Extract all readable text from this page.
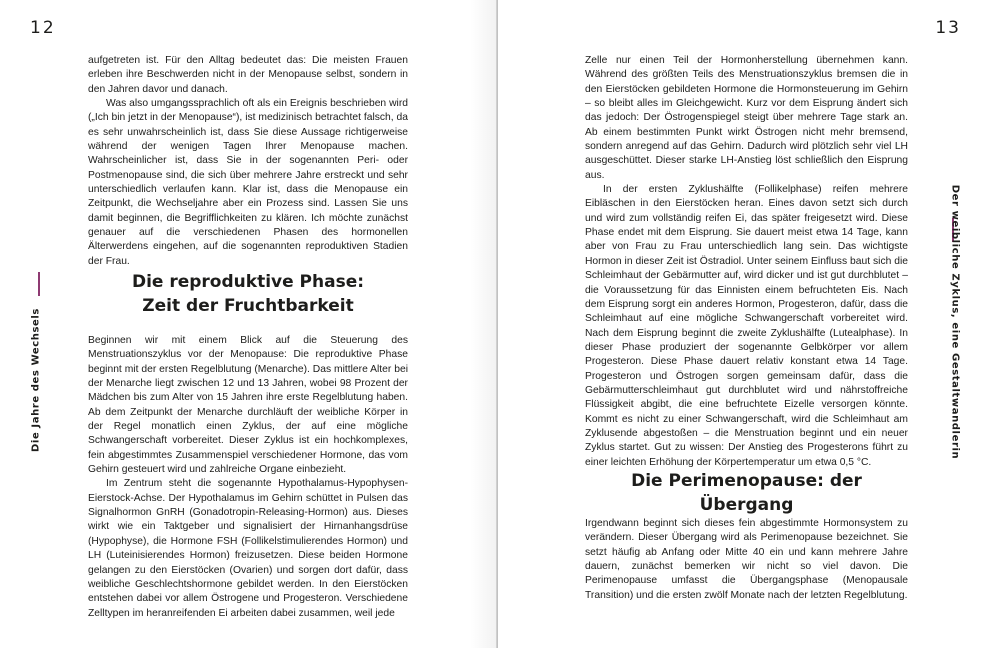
12

aufgetreten ist. Für den Alltag bedeutet das: Die meisten Frauen erleben ihre Beschwerden nicht in der Menopause selbst, sondern in den Jahren davor und danach.

Was also umgangssprachlich oft als ein Ereignis beschrieben wird („Ich bin jetzt in der Menopause“), ist medizinisch betrachtet falsch, da es sehr unwahrscheinlich ist, dass Sie diese Aussage richtigerweise während der wenigen Tagen Ihrer Menopause machen. Wahrscheinlicher ist, dass Sie in der sogenannten Peri- oder Postmenopause sind, die sich über mehrere Jahre erstreckt und sehr unterschiedlich verlaufen kann. Klar ist, dass die Menopause ein Zeitpunkt, die Wechseljahre aber ein Prozess sind. Lassen Sie uns damit beginnen, die Begrifflichkeiten zu klären. Ich möchte zunächst genauer auf die verschiedenen Phasen des hormonellen Älterwerdens eingehen, auf die sogenannten reproduktiven Stadien der Frau.

Die reproduktive Phase:
Zeit der Fruchtbarkeit

Beginnen wir mit einem Blick auf die Steuerung des Menstruationszyklus vor der Menopause: Die reproduktive Phase beginnt mit der ersten Regelblutung (Menarche). Das mittlere Alter bei der Menarche liegt zwischen 12 und 13 Jahren, wobei 98 Prozent der Mädchen bis zum Alter von 15 Jahren ihre erste Regelblutung haben. Ab dem Zeitpunkt der Menarche durchläuft der weibliche Körper in der Regel monatlich einen Zyklus, der auf eine mögliche Schwangerschaft vorbereitet. Dieser Zyklus ist ein hochkomplexes, fein abgestimmtes Zusammenspiel verschiedener Hormone, das vom Gehirn gesteuert wird und zahlreiche Organe einbezieht.

Im Zentrum steht die sogenannte Hypothalamus-Hypophysen-Eierstock-Achse. Der Hypothalamus im Gehirn schüttet in Pulsen das Signalhormon GnRH (Gonadotropin-Releasing-Hormon) aus. Dieses wirkt wie ein Taktgeber und signalisiert der Hirnanhangsdrüse (Hypophyse), die Hormone FSH (Follikelstimulierendes Hormon) und LH (Luteinisierendes Hormon) freizusetzen. Diese beiden Hormone gelangen zu den Eierstöcken (Ovarien) und sorgen dort dafür, dass weibliche Geschlechtshormone gebildet werden. In den Eierstöcken entstehen dabei vor allem Östrogene und Progesteron. Verschiedene Zelltypen im heranreifenden Ei arbeiten dabei zusammen, weil jede

13

Zelle nur einen Teil der Hormonherstellung übernehmen kann. Während des größten Teils des Menstruationszyklus bremsen die in den Eierstöcken gebildeten Hormone die Hormonsteuerung im Gehirn – so bleibt alles im Gleichgewicht. Kurz vor dem Eisprung ändert sich das jedoch: Der Östrogenspiegel steigt über mehrere Tage stark an. Ab einem bestimmten Punkt wirkt Östrogen nicht mehr bremsend, sondern anregend auf das Gehirn. Dadurch wird plötzlich sehr viel LH ausgeschüttet. Dieser starke LH-Anstieg löst schließlich den Eisprung aus.

In der ersten Zyklushälfte (Follikelphase) reifen mehrere Eibläschen in den Eierstöcken heran. Eines davon setzt sich durch und wird zum vollständig reifen Ei, das später freigesetzt wird. Diese Phase endet mit dem Eisprung. Sie dauert meist etwa 14 Tage, kann aber von Frau zu Frau unterschiedlich lang sein. Das wichtigste Hormon in dieser Zeit ist Östradiol. Unter seinem Einfluss baut sich die Schleimhaut der Gebärmutter auf, wird dicker und ist gut durchblutet – die Voraussetzung für das Einnisten einem befruchteten Eis. Nach dem Eisprung sorgt ein anderes Hormon, Progesteron, dafür, dass die Schleimhaut auf eine mögliche Schwangerschaft vorbereitet wird. Nach dem Eisprung beginnt die zweite Zyklushälfte (Lutealphase). In dieser Phase produziert der sogenannte Gelbkörper vor allem Progesteron. Diese Phase dauert relativ konstant etwa 14 Tage. Progesteron und Östrogen sorgen gemeinsam dafür, dass die Gebärmutterschleimhaut gut durchblutet wird und nährstoffreiche Flüssigkeit abgibt, die eine befruchtete Eizelle versorgen könnte. Kommt es nicht zu einer Schwangerschaft, wird die Schleimhaut am Zyklusende abgestoßen – die Menstruation beginnt und ein neuer Zyklus startet. Gut zu wissen: Der Anstieg des Progesterons führt zu einer leichten Erhöhung der Körpertemperatur um etwa 0,5 °C.

Die Perimenopause: der Übergang

Irgendwann beginnt sich dieses fein abgestimmte Hormonsystem zu verändern. Dieser Übergang wird als Perimenopause bezeichnet. Sie setzt häufig ab Anfang oder Mitte 40 ein und kann mehrere Jahre dauern, zunächst bemerken wir nicht so viel davon. Die Perimenopause umfasst die Übergangsphase (Menopausale Transition) und die ersten zwölf Monate nach der letzten Regelblutung.

Die Jahre des Wechsels	Der weibliche Zyklus, eine Gestaltwandlerin
